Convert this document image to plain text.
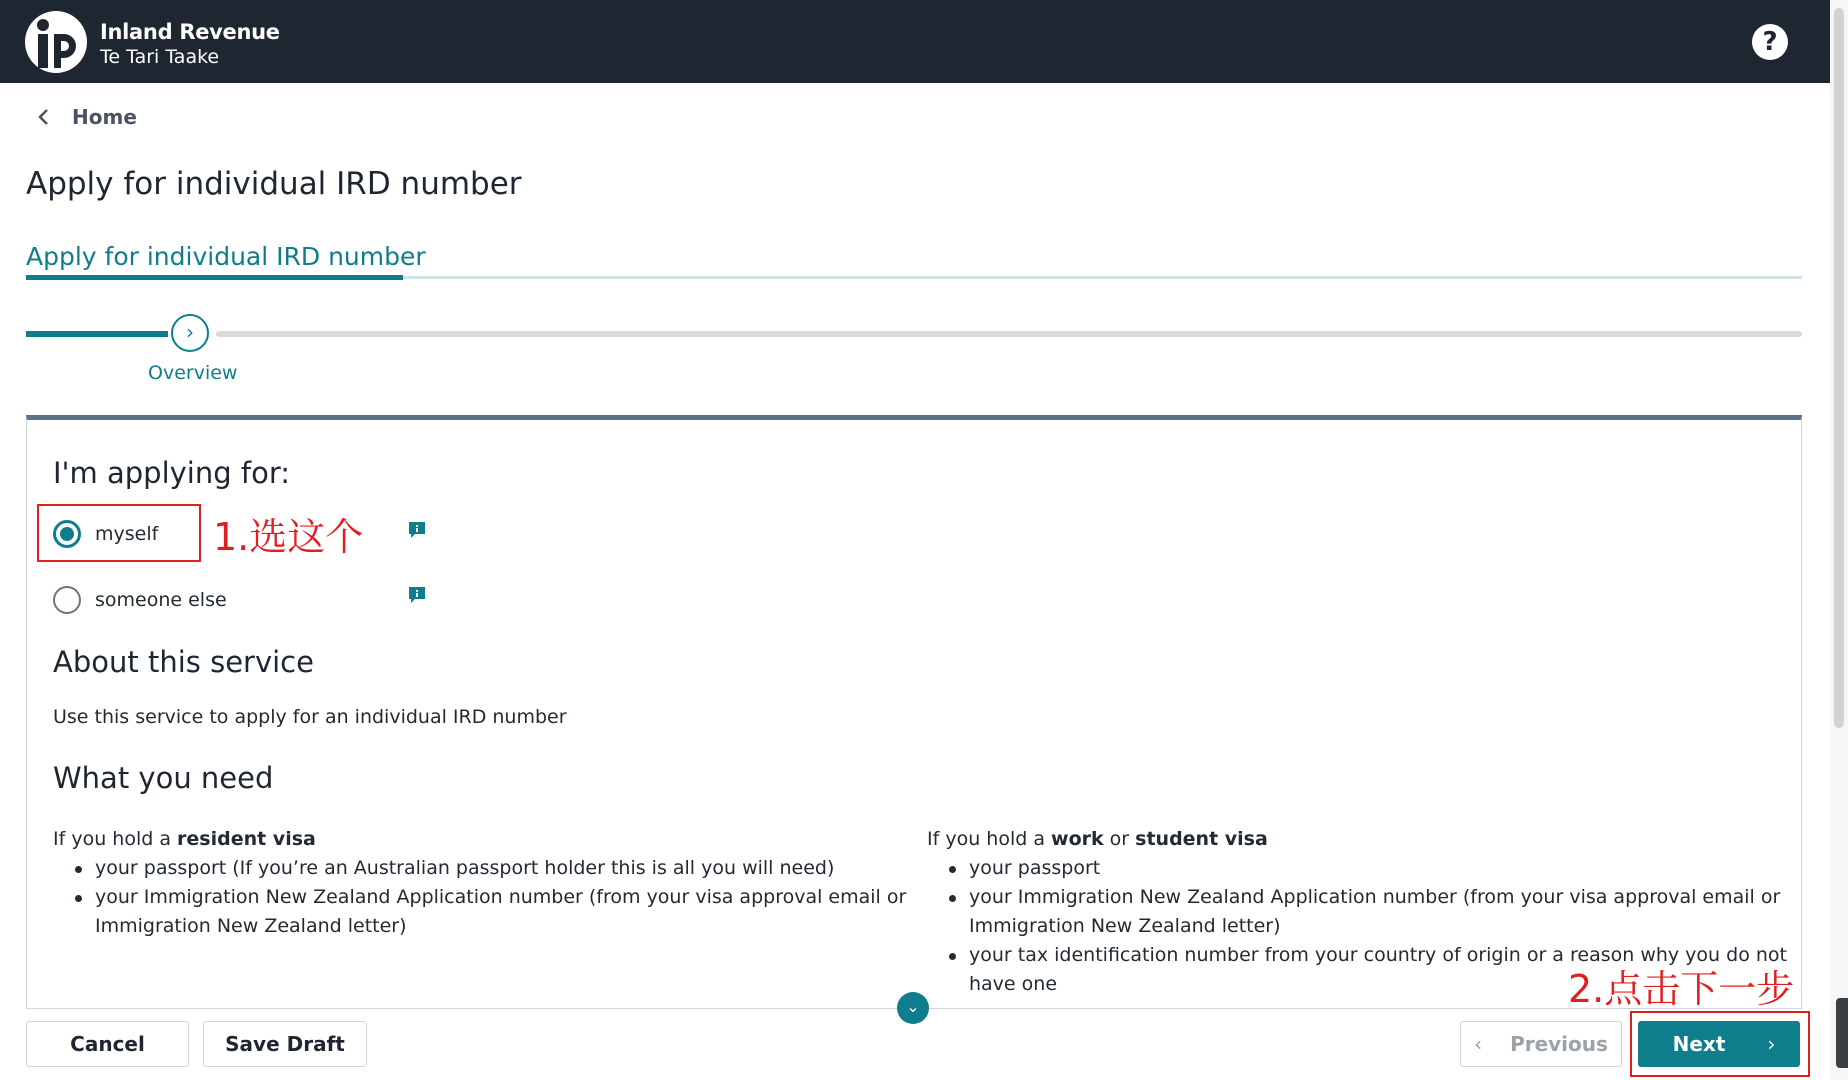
Inland Revenue
Te Tari Taake	?
Home
Apply for individual IRD number
Apply for individual IRD number
›
Overview
I'm applying for:
myself
someone else
1.选这个
About this service
Use this service to apply for an individual IRD number
What you need
If you hold a resident visa
your passport (If you’re an Australian passport holder this is all you will need)
your Immigration New Zealand Application number (from your visa approval email or Immigration New Zealand letter)
If you hold a work or student visa
your passport
your Immigration New Zealand Application number (from your visa approval email or Immigration New Zealand letter)
your tax identification number from your country of origin or a reason why you do not have one
⌄
Cancel	Save Draft	‹ Previous	Next ›
2.点击下一步
